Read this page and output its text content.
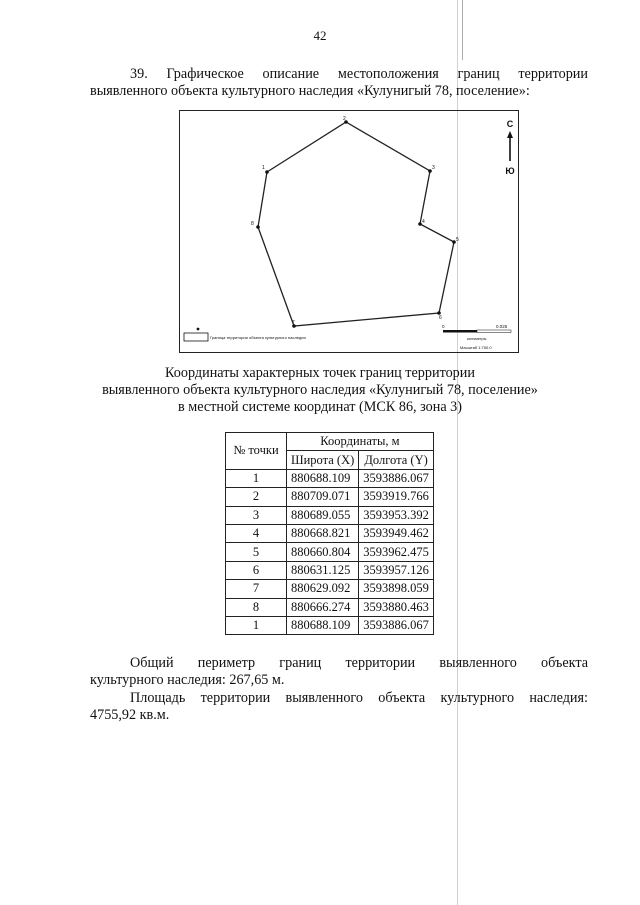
42
39. Графическое описание местоположения границ территории
выявленного объекта культурного наследия «Кулунигый 78, поселение»:
1
2
3
4
5
6
7
8
С
Ю
0	0.025
километры
Масштаб 1:750.0
Граница территории объекта культурного наследия
Координаты характерных точек границ территории
выявленного объекта культурного наследия «Кулунигый 78, поселение»
в местной системе координат (МСК 86, зона 3)
№ точки	Координаты, м	
	Широта (X)	Долгота (Y)
1	880688.109	3593886.067
2	880709.071	3593919.766
3	880689.055	3593953.392
4	880668.821	3593949.462
5	880660.804	3593962.475
6	880631.125	3593957.126
7	880629.092	3593898.059
8	880666.274	3593880.463
1	880688.109	3593886.067
Общий периметр границ территории выявленного объекта
культурного наследия: 267,65 м.
Площадь территории выявленного объекта культурного наследия:
4755,92 кв.м.
